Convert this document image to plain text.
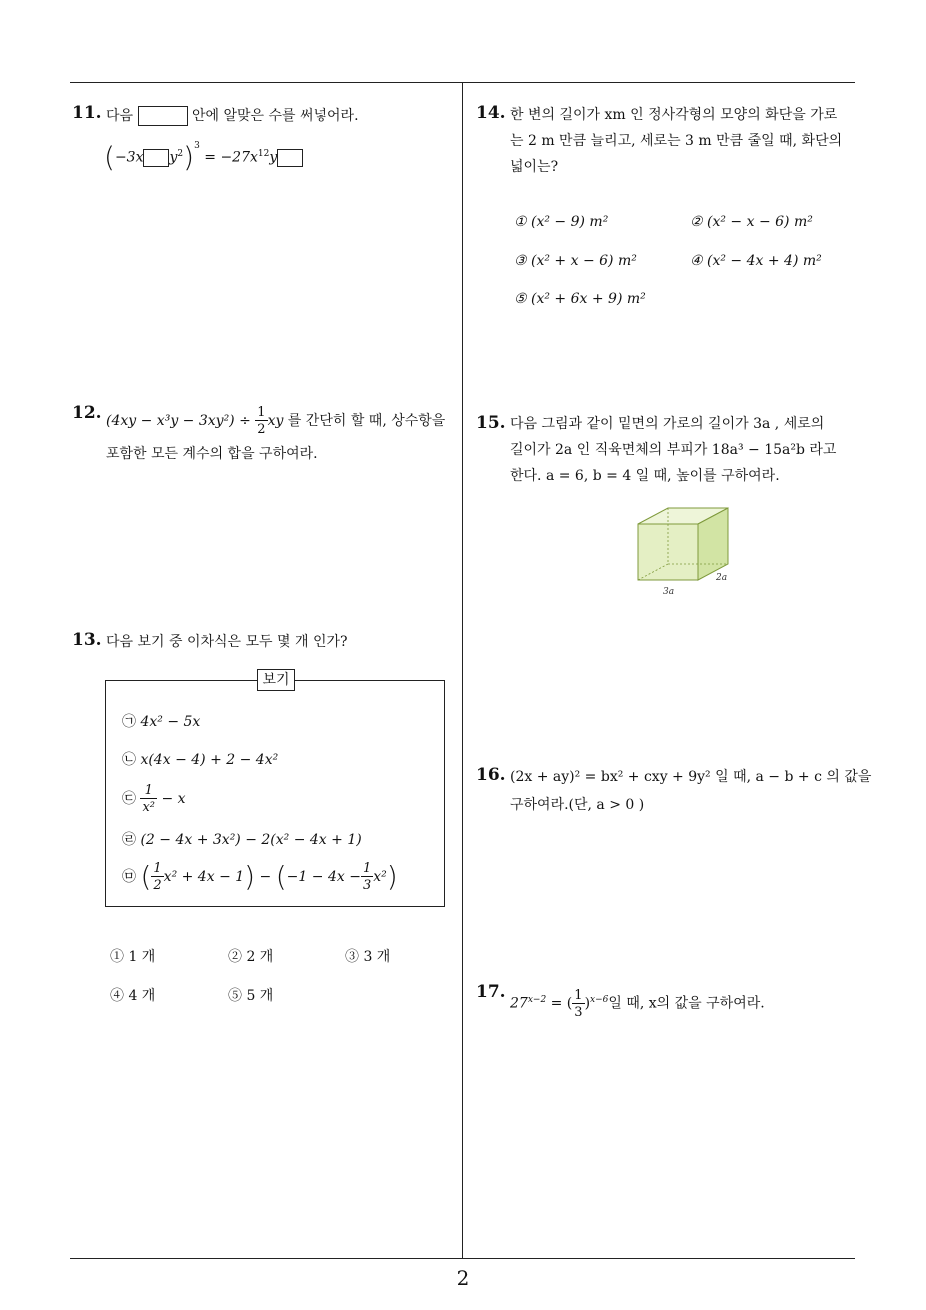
2
11. 다음	안에 알맞은 수를 써넣어라.
(−3x $y^2)^3 = -27x^{12}y$
12. $(4xy - x^3y - 3xy^2) \div \frac{1}{2}$ xy 를 간단히 할 때, 상수항을
포함한 모든 계수의 합을 구하여라.
13. 다음 보기 중 이차식은 모두 몇 개 인가?
보기
㉠ 4x² − 5x
㉡ x(4x − 4) + 2 − 4x²
㉢ $\frac{1}{\text{x²}} - x$
㉣ (2 − 4x + 3x²) − 2(x² − 4x + 1)
㉤ ( $\frac{1}{2} x^2 + 4x - 1) - (-1 - 4x - \frac{1}{3} x^2)$
① 1 개	② 2 개	③ 3 개
④ 4 개	⑤ 5 개
14. 한 변의 길이가 xm 인 정사각형의 모양의 화단을 가로
는 2 m 만큼 늘리고, 세로는 3 m 만큼 줄일 때, 화단의
넓이는?
① (x² − 9) m²	② (x² − x − 6) m²
③ (x² + x − 6) m²	④ (x² − 4x + 4) m²
⑤ (x² + 6x + 9) m²
15. 다음 그림과 같이 밑면의 가로의 길이가 3a , 세로의
길이가 2a 인 직육면체의 부피가 18a³ − 15a²b 라고
한다. a = 6, b = 4 일 때, 높이를 구하여라.
3a
2a
16. (2x + ay)² = bx² + cxy + 9y² 일 때, a − b + c 의 값을
구하여라.(단, a > 0 )
17.
$27^{x-2}$ = ( $\frac{1}{3} )^{x-6}$일 때, x의 값을 구하여라.
